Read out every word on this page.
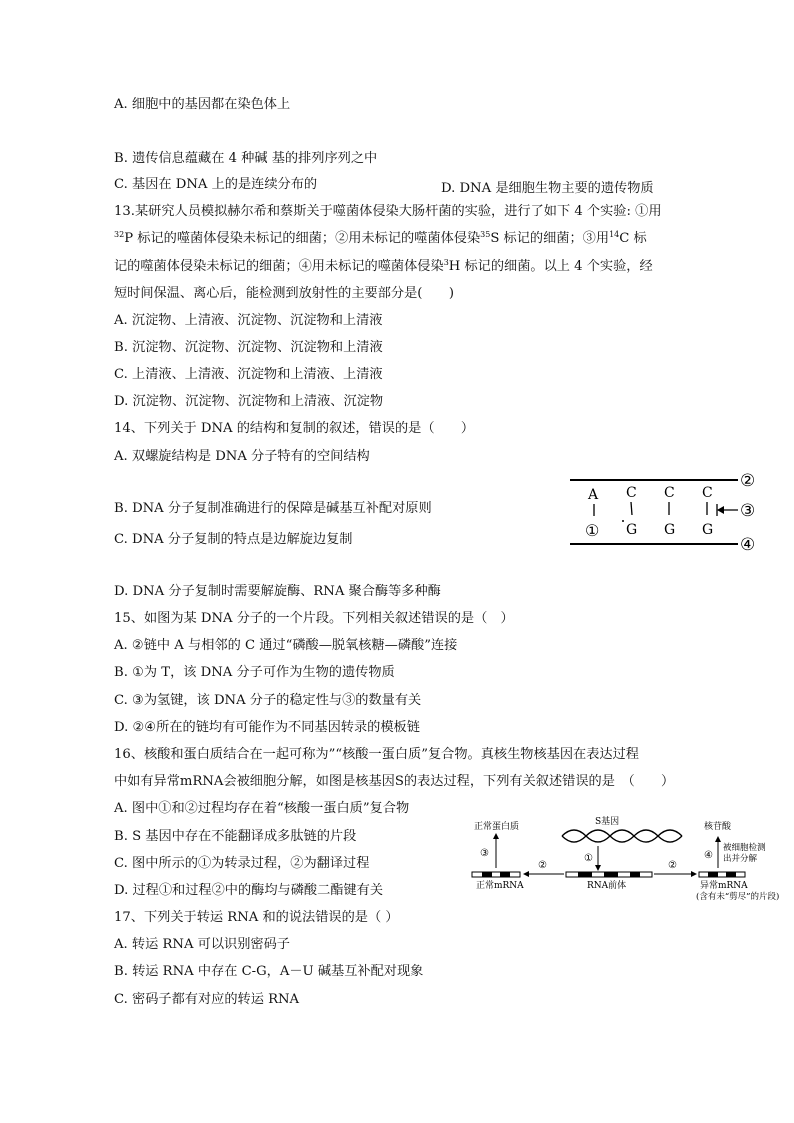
A. 细胞中的基因都在染色体上
B. 遗传信息蕴藏在 4 种碱 基的排列序列之中
C. 基因在 DNA 上的是连续分布的	D. DNA 是细胞生物主要的遗传物质
13.某研究人员模拟赫尔希和蔡斯关于噬菌体侵染大肠杆菌的实验，进行了如下 4 个实验: ①用
$^{32}$P 标记的噬菌体侵染未标记的细菌；②用未标记的噬菌体侵染$^{35}$S 标记的细菌；③用$^{14}$C 标
记的噬菌体侵染未标记的细菌；④用未标记的噬菌体侵染$^3$H 标记的细菌。以上 4 个实验，经
短时间保温、离心后，能检测到放射性的主要部分是(　　)
A. 沉淀物、上清液、沉淀物、沉淀物和上清液
B. 沉淀物、沉淀物、沉淀物、沉淀物和上清液
C. 上清液、上清液、沉淀物和上清液、上清液
D. 沉淀物、沉淀物、沉淀物和上清液、沉淀物
14、下列关于 DNA 的结构和复制的叙述，错误的是（　　）
A. 双螺旋结构是 DNA 分子特有的空间结构
B. DNA 分子复制准确进行的保障是碱基互补配对原则
C. DNA 分子复制的特点是边解旋边复制
D. DNA 分子复制时需要解旋酶、RNA 聚合酶等多种酶
②
④
A C C C
① G G G
③
15、如图为某 DNA 分子的一个片段。下列相关叙述错误的是（　）
A. ②链中 A 与相邻的 C 通过“磷酸—脱氧核糖—磷酸”连接
B. ①为 T，该 DNA 分子可作为生物的遗传物质
C. ③为氢键，该 DNA 分子的稳定性与③的数量有关
D. ②④所在的链均有可能作为不同基因转录的模板链
16、核酸和蛋白质结合在一起可称为”“核酸一蛋白质”复合物。真核生物核基因在表达过程
中如有异常mRNA会被细胞分解，如图是核基因S的表达过程，下列有关叙述错误的是　（　　）
A. 图中①和②过程均存在着“核酸一蛋白质”复合物
B. S 基因中存在不能翻译成多肽链的片段
C. 图中所示的①为转录过程，②为翻译过程
D. 过程①和过程②中的酶均与磷酸二酯键有关
S基因
①
RNA前体
②
正常mRNA
③
正常蛋白质
②
异常mRNA
(含有未“剪尽”的片段)
④
被细胞检测
出并分解
核苷酸
17、下列关于转运 RNA 和的说法错误的是（ ）
A. 转运 RNA 可以识别密码子
B. 转运 RNA 中存在 C-G，A－U 碱基互补配对现象
C. 密码子都有对应的转运 RNA
